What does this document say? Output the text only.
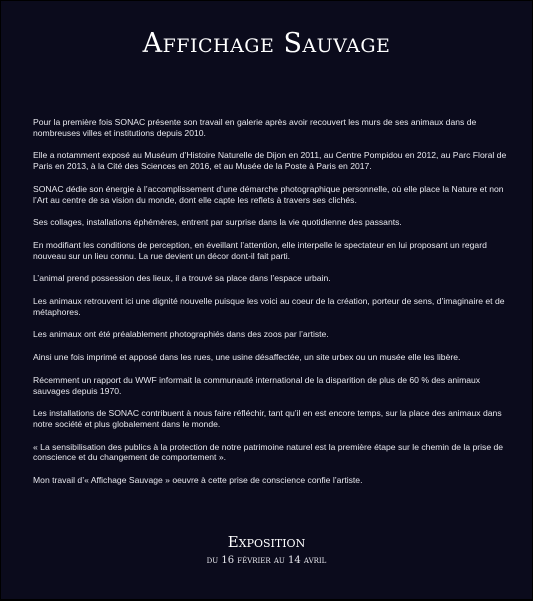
Affichage Sauvage

Pour la première fois SONAC présente son travail en galerie après avoir recouvert les murs de ses animaux dans de nombreuses villes et institutions depuis 2010.

Elle a notamment exposé au Muséum d’Histoire Naturelle de Dijon en 2011, au Centre Pompidou en 2012, au Parc Floral de Paris en 2013, à la Cité des Sciences en 2016, et au Musée de la Poste à Paris en 2017.

SONAC dédie son énergie à l’accomplissement d’une démarche photographique personnelle, où elle place la Nature et non l’Art au centre de sa vision du monde, dont elle capte les reflets à travers ses clichés.

Ses collages, installations éphémères, entrent par surprise dans la vie quotidienne des passants.

En modifiant les conditions de perception, en éveillant l’attention, elle interpelle le spectateur en lui proposant un regard nouveau sur un lieu connu. La rue devient un décor dont-il fait parti.

L’animal prend possession des lieux, il a trouvé sa place dans l’espace urbain.

Les animaux retrouvent ici une dignité nouvelle puisque les voici au coeur de la création, porteur de sens, d’imaginaire et de métaphores.

Les animaux ont été préalablement photographiés dans des zoos par l’artiste.

Ainsi une fois imprimé et apposé dans les rues, une usine désaffectée, un site urbex ou un musée elle les libère.

Récemment un rapport du WWF informait la communauté international de la disparition de plus de 60 % des animaux sauvages depuis 1970.

Les installations de SONAC contribuent à nous faire réfléchir, tant qu’il en est encore temps, sur la place des animaux dans notre société et plus globalement dans le monde.

« La sensibilisation des publics à la protection de notre patrimoine naturel est la première étape sur le chemin de la prise de conscience et du changement de comportement ».

Mon travail d’« Affichage Sauvage » oeuvre à cette prise de conscience confie l’artiste.

Exposition
du 16 février au 14 avril
